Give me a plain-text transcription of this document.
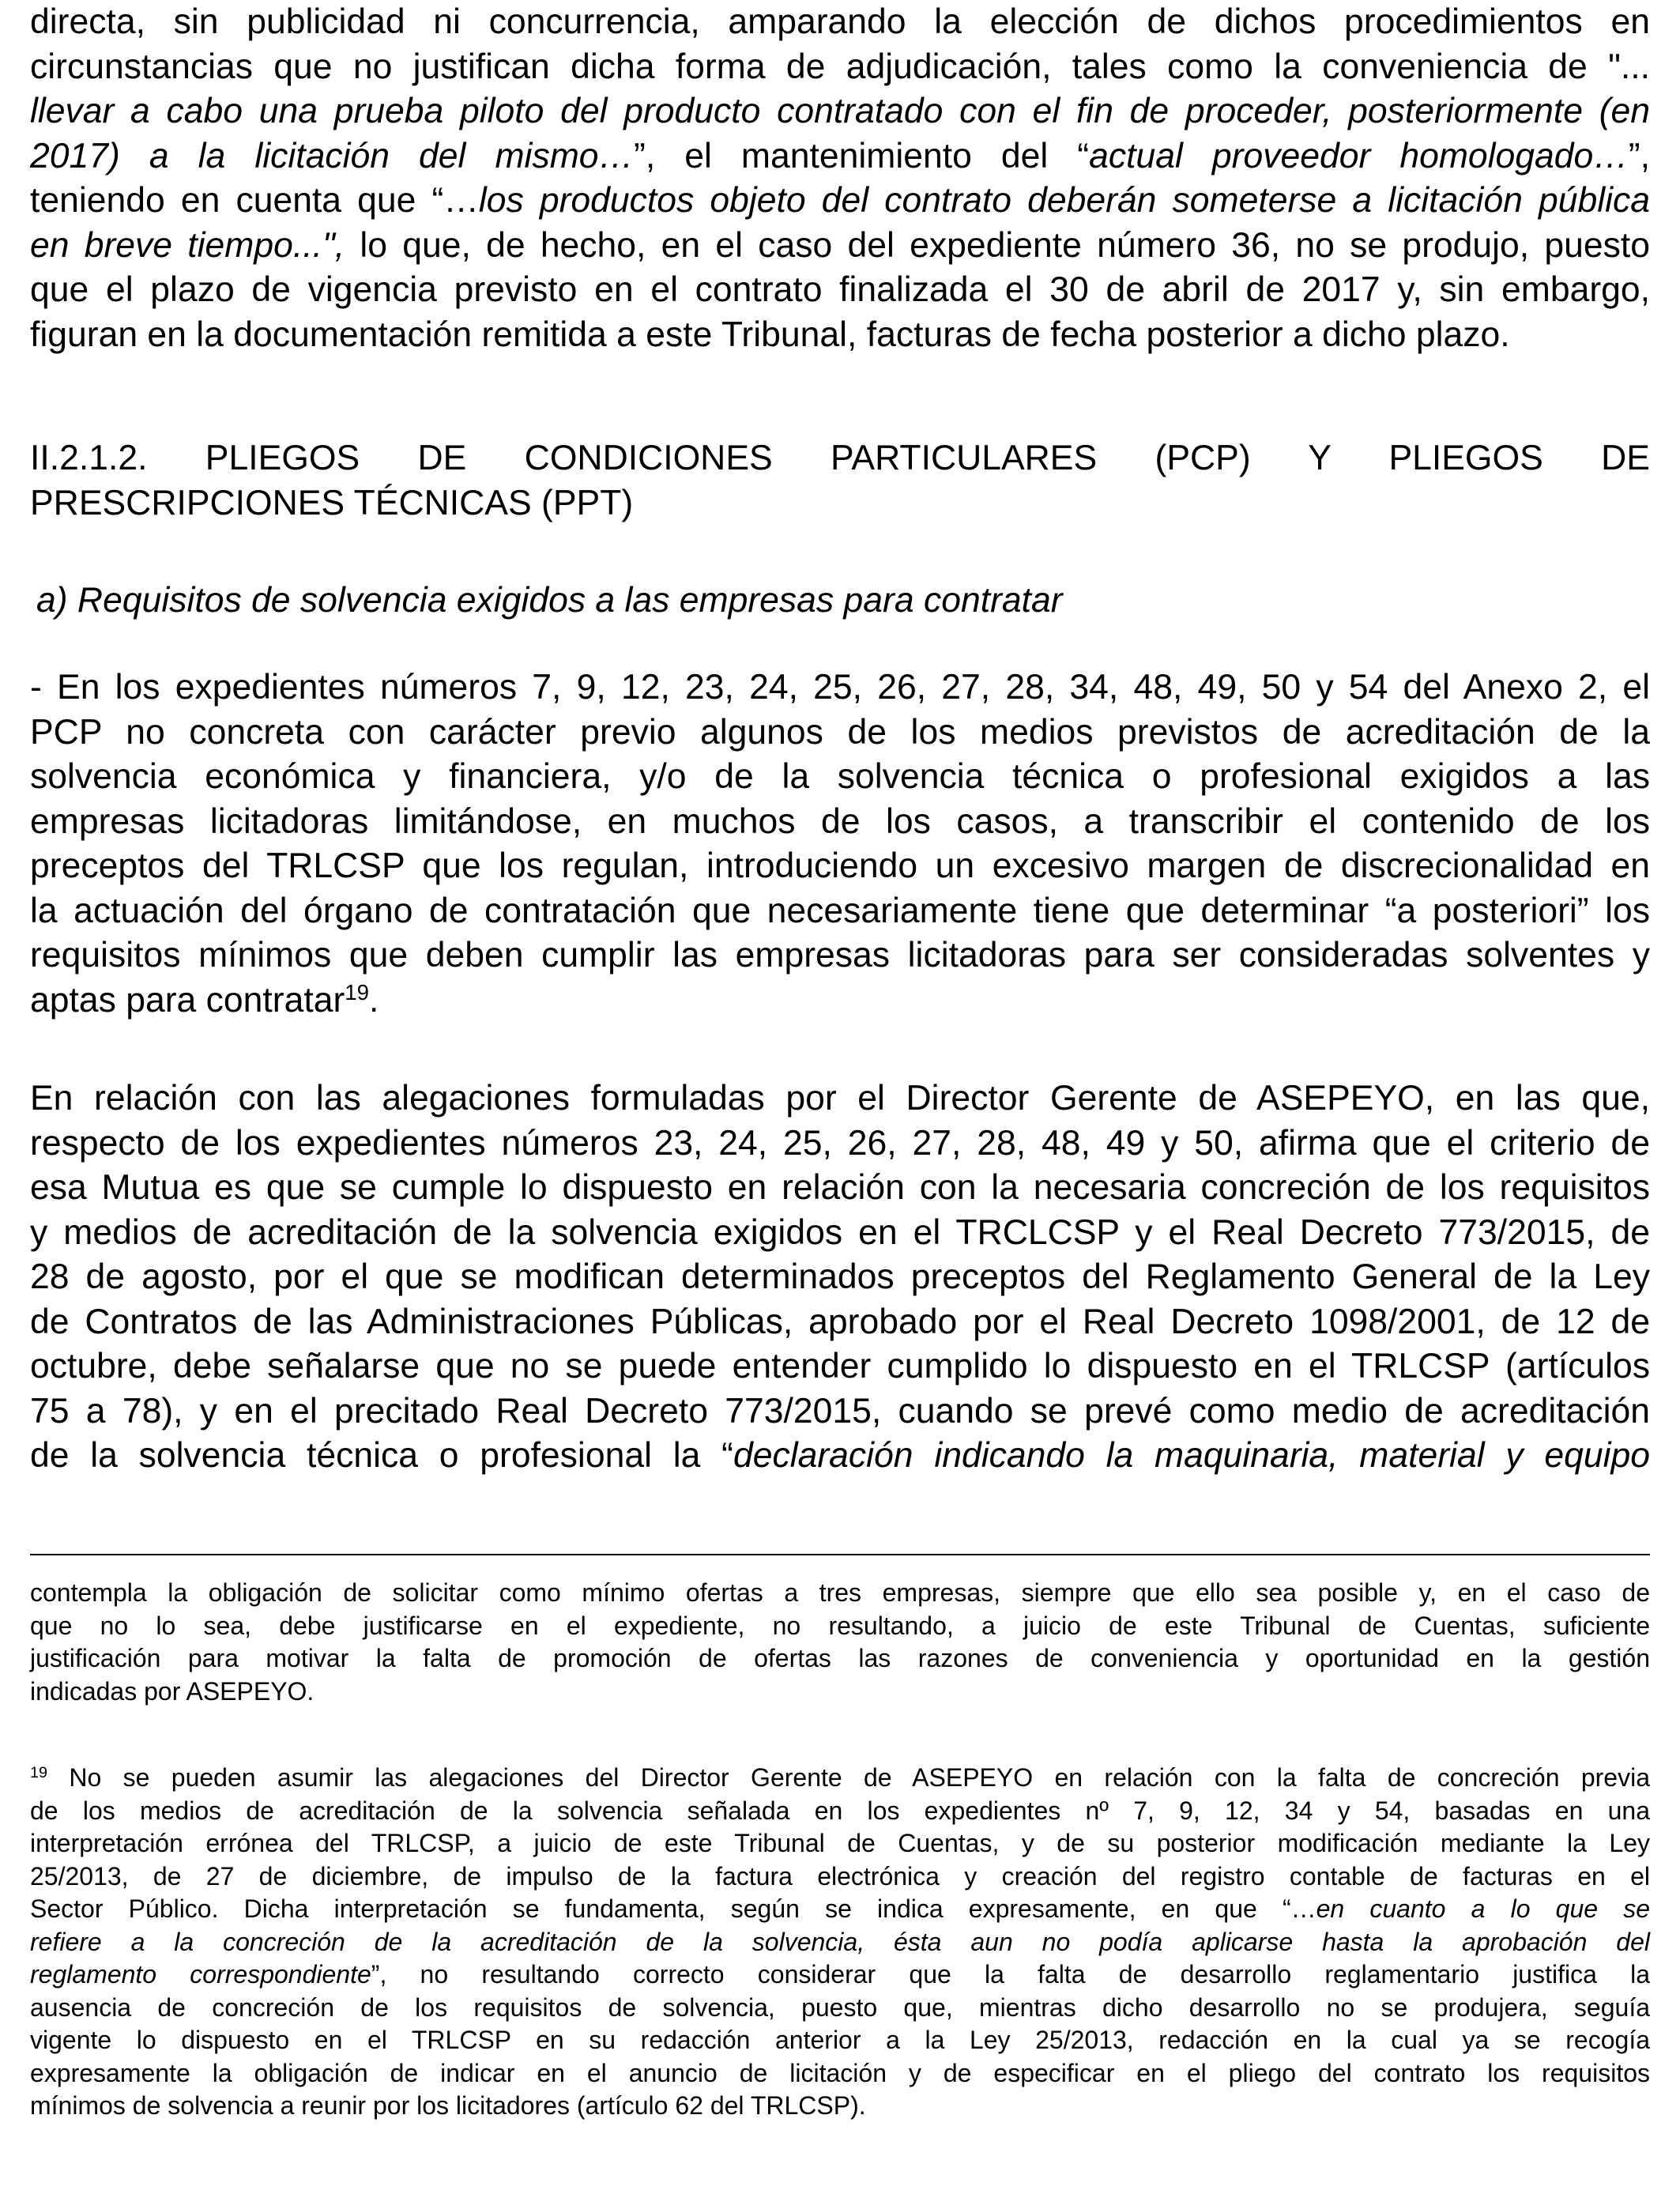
directa, sin publicidad ni concurrencia, amparando la elección de dichos procedimientos en
circunstancias que no justifican dicha forma de adjudicación, tales como la conveniencia de "...
llevar a cabo una prueba piloto del producto contratado con el fin de proceder, posteriormente (en
2017) a la licitación del mismo…”, el mantenimiento del “actual proveedor homologado…”,
teniendo en cuenta que “…los productos objeto del contrato deberán someterse a licitación pública
en breve tiempo...", lo que, de hecho, en el caso del expediente número 36, no se produjo, puesto
que el plazo de vigencia previsto en el contrato finalizada el 30 de abril de 2017 y, sin embargo,
figuran en la documentación remitida a este Tribunal, facturas de fecha posterior a dicho plazo.
II.2.1.2. PLIEGOS DE CONDICIONES PARTICULARES (PCP) Y PLIEGOS DE
PRESCRIPCIONES TÉCNICAS (PPT)
a) Requisitos de solvencia exigidos a las empresas para contratar
- En los expedientes números 7, 9, 12, 23, 24, 25, 26, 27, 28, 34, 48, 49, 50 y 54 del Anexo 2, el
PCP no concreta con carácter previo algunos de los medios previstos de acreditación de la
solvencia económica y financiera, y/o de la solvencia técnica o profesional exigidos a las
empresas licitadoras limitándose, en muchos de los casos, a transcribir el contenido de los
preceptos del TRLCSP que los regulan, introduciendo un excesivo margen de discrecionalidad en
la actuación del órgano de contratación que necesariamente tiene que determinar “a posteriori” los
requisitos mínimos que deben cumplir las empresas licitadoras para ser consideradas solventes y
aptas para contratar$^{19}$.
En relación con las alegaciones formuladas por el Director Gerente de ASEPEYO, en las que,
respecto de los expedientes números 23, 24, 25, 26, 27, 28, 48, 49 y 50, afirma que el criterio de
esa Mutua es que se cumple lo dispuesto en relación con la necesaria concreción de los requisitos
y medios de acreditación de la solvencia exigidos en el TRCLCSP y el Real Decreto 773/2015, de
28 de agosto, por el que se modifican determinados preceptos del Reglamento General de la Ley
de Contratos de las Administraciones Públicas, aprobado por el Real Decreto 1098/2001, de 12 de
octubre, debe señalarse que no se puede entender cumplido lo dispuesto en el TRLCSP (artículos
75 a 78), y en el precitado Real Decreto 773/2015, cuando se prevé como medio de acreditación
de la solvencia técnica o profesional la “declaración indicando la maquinaria, material y equipo
contempla la obligación de solicitar como mínimo ofertas a tres empresas, siempre que ello sea posible y, en el caso de
que no lo sea, debe justificarse en el expediente, no resultando, a juicio de este Tribunal de Cuentas, suficiente
justificación para motivar la falta de promoción de ofertas las razones de conveniencia y oportunidad en la gestión
indicadas por ASEPEYO.
$^{19}$ No se pueden asumir las alegaciones del Director Gerente de ASEPEYO en relación con la falta de concreción previa
de los medios de acreditación de la solvencia señalada en los expedientes nº 7, 9, 12, 34 y 54, basadas en una
interpretación errónea del TRLCSP, a juicio de este Tribunal de Cuentas, y de su posterior modificación mediante la Ley
25/2013, de 27 de diciembre, de impulso de la factura electrónica y creación del registro contable de facturas en el
Sector Público. Dicha interpretación se fundamenta, según se indica expresamente, en que “…en cuanto a lo que se
refiere a la concreción de la acreditación de la solvencia, ésta aun no podía aplicarse hasta la aprobación del
reglamento correspondiente”, no resultando correcto considerar que la falta de desarrollo reglamentario justifica la
ausencia de concreción de los requisitos de solvencia, puesto que, mientras dicho desarrollo no se produjera, seguía
vigente lo dispuesto en el TRLCSP en su redacción anterior a la Ley 25/2013, redacción en la cual ya se recogía
expresamente la obligación de indicar en el anuncio de licitación y de especificar en el pliego del contrato los requisitos
mínimos de solvencia a reunir por los licitadores (artículo 62 del TRLCSP).
